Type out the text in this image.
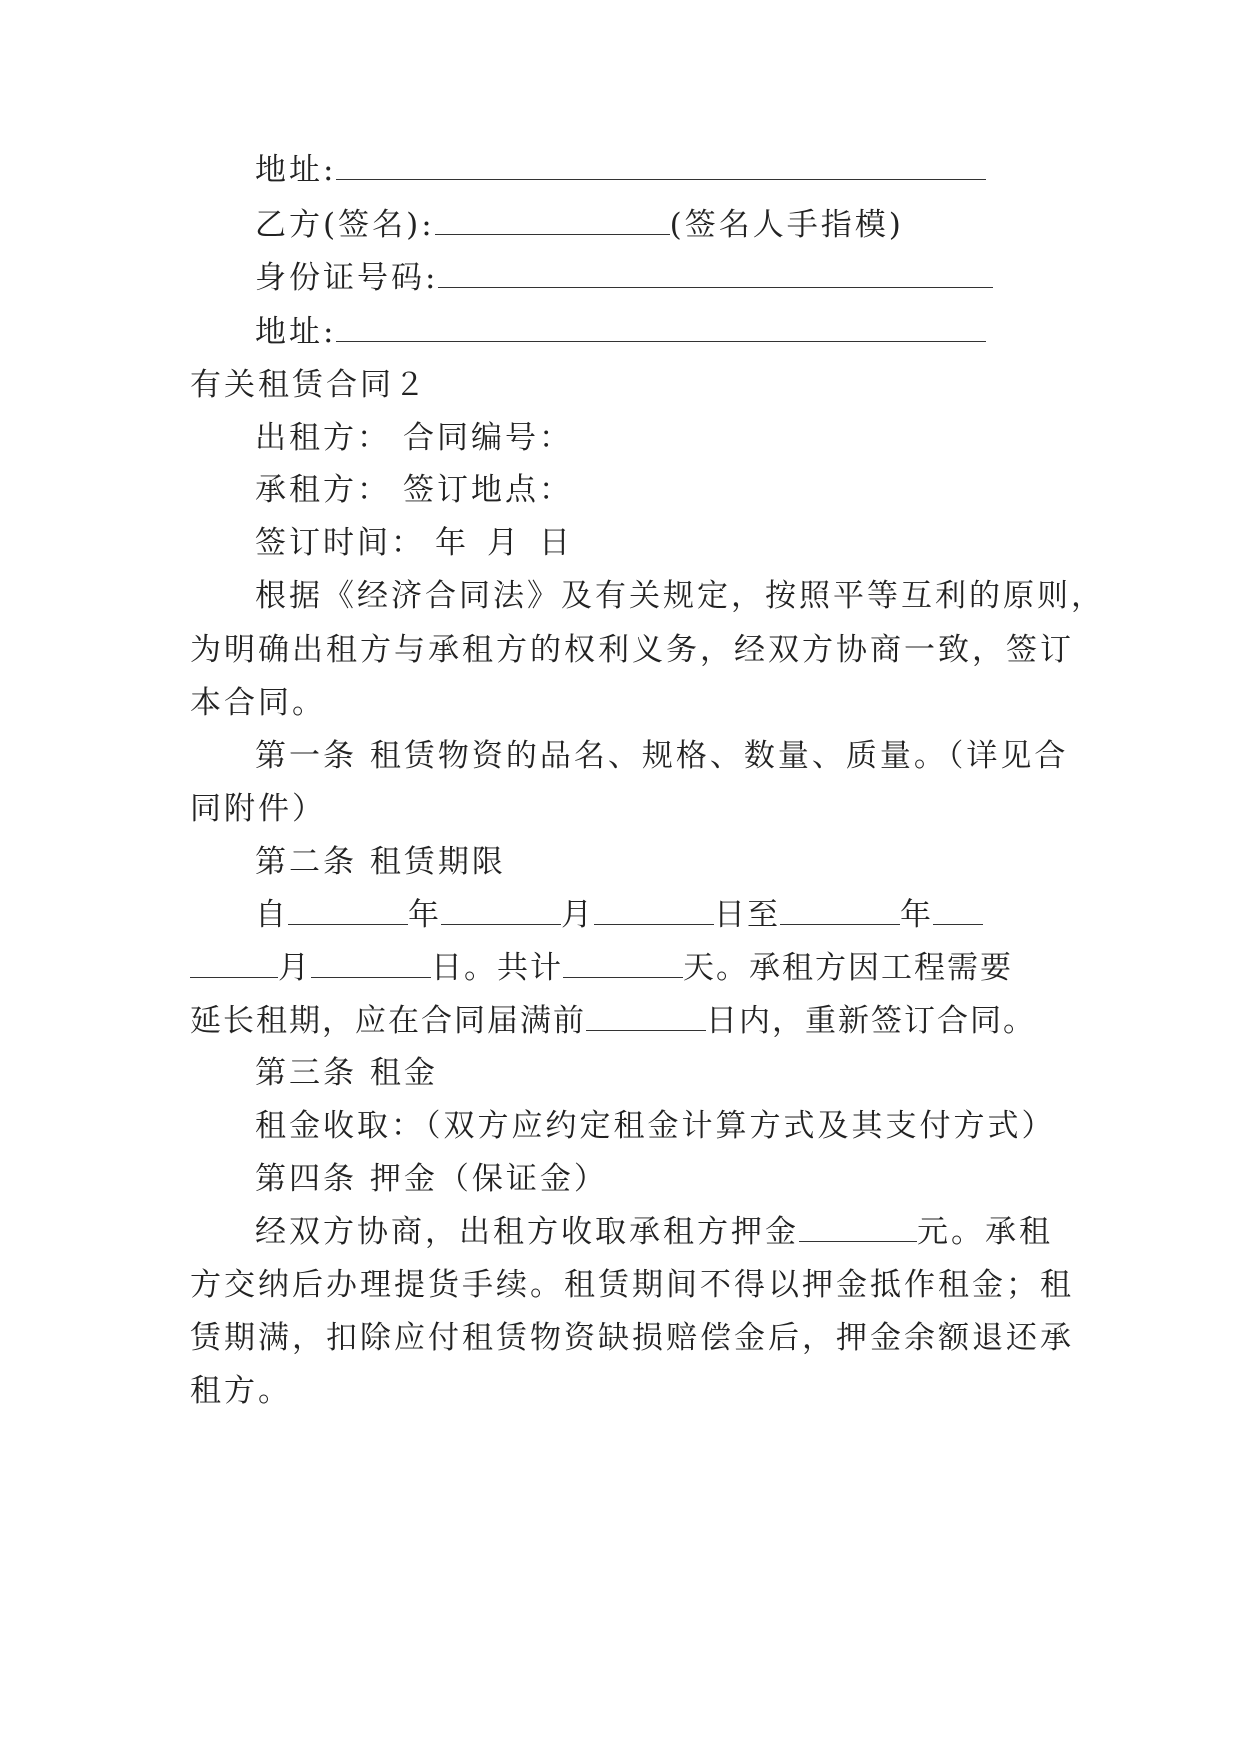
地址:
乙方(签名):	(签名人手指模)
身份证号码:
地址:
有关租赁合同２
出租方： 合同编号：
承租方： 签订地点：
签订时间： 年 月 日
根据《经济合同法》及有关规定，按照平等互利的原则，
为明确出租方与承租方的权利义务，经双方协商一致，签订
本合同。
第一条 租赁物资的品名、规格、数量、质量。（详见合
同附件）
第二条 租赁期限
自	年	月	日至	年
月	日。共计	天。承租方因工程需要
延长租期，应在合同届满前	日内，重新签订合同。
第三条 租金
租金收取：（双方应约定租金计算方式及其支付方式）
第四条 押金（保证金）
经双方协商，出租方收取承租方押金	元。承租
方交纳后办理提货手续。租赁期间不得以押金抵作租金；租
赁期满，扣除应付租赁物资缺损赔偿金后，押金余额退还承
租方。
